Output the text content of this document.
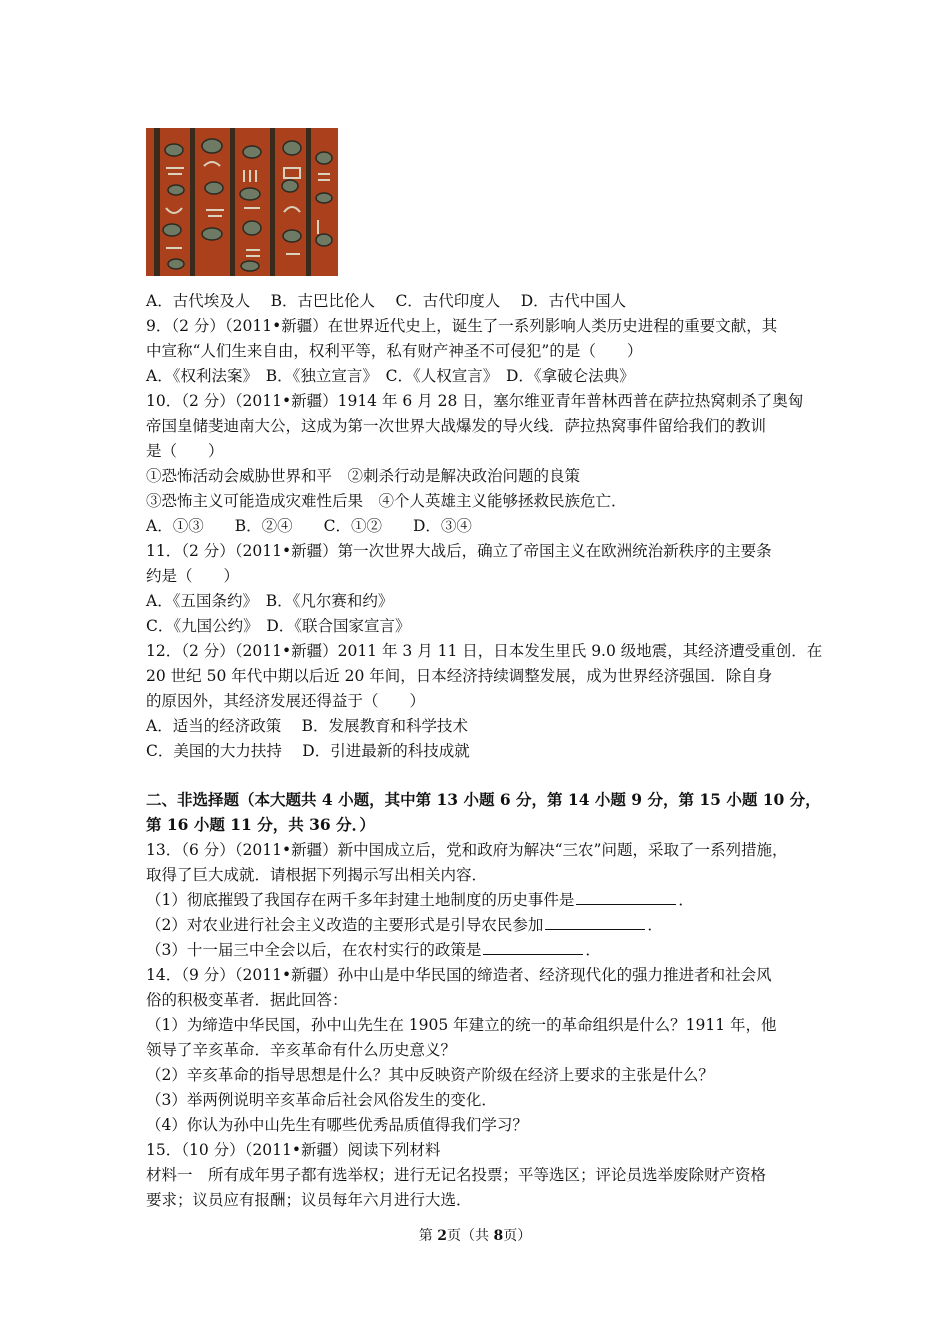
A．古代埃及人　 B．古巴比伦人　 C．古代印度人　 D．古代中国人
9．（2 分）（2011•新疆）在世界近代史上，诞生了一系列影响人类历史进程的重要文献，其
中宣称“人们生来自由，权利平等，私有财产神圣不可侵犯”的是（　　）
A．《权利法案》　B．《独立宣言》　C．《人权宣言》　D．《拿破仑法典》
10．（2 分）（2011•新疆）1914 年 6 月 28 日，塞尔维亚青年普林西普在萨拉热窝刺杀了奥匈
帝国皇储斐迪南大公，这成为第一次世界大战爆发的导火线．萨拉热窝事件留给我们的教训
是（　　）
①恐怖活动会威胁世界和平　②刺杀行动是解决政治问题的良策
③恐怖主义可能造成灾难性后果　④个人英雄主义能够拯救民族危亡．
A．①③　　B．②④　　C．①②　　D．③④
11．（2 分）（2011•新疆）第一次世界大战后，确立了帝国主义在欧洲统治新秩序的主要条
约是（　　）
A．《五国条约》　B．《凡尔赛和约》
C．《九国公约》　D．《联合国家宣言》
12．（2 分）（2011•新疆）2011 年 3 月 11 日，日本发生里氏 9.0 级地震，其经济遭受重创．在
20 世纪 50 年代中期以后近 20 年间，日本经济持续调整发展，成为世界经济强国．除自身
的原因外，其经济发展还得益于（　　）
A．适当的经济政策　 B．发展教育和科学技术
C．美国的大力扶持　 D．引进最新的科技成就
二、非选择题（本大题共 4 小题，其中第 13 小题 6 分，第 14 小题 9 分，第 15 小题 10 分，
第 16 小题 11 分，共 36 分．）
13．（6 分）（2011•新疆）新中国成立后，党和政府为解决“三农”问题，采取了一系列措施，
取得了巨大成就．请根据下列揭示写出相关内容．
（1）彻底摧毁了我国存在两千多年封建土地制度的历史事件是	．
（2）对农业进行社会主义改造的主要形式是引导农民参加	．
（3）十一届三中全会以后，在农村实行的政策是	．
14．（9 分）（2011•新疆）孙中山是中华民国的缔造者、经济现代化的强力推进者和社会风
俗的积极变革者．据此回答：
（1）为缔造中华民国，孙中山先生在 1905 年建立的统一的革命组织是什么？1911 年，他
领导了辛亥革命．辛亥革命有什么历史意义？
（2）辛亥革命的指导思想是什么？其中反映资产阶级在经济上要求的主张是什么？
（3）举两例说明辛亥革命后社会风俗发生的变化．
（4）你认为孙中山先生有哪些优秀品质值得我们学习？
15．（10 分）（2011•新疆）阅读下列材料
材料一　所有成年男子都有选举权；进行无记名投票；平等选区；评论员选举废除财产资格
要求；议员应有报酬；议员每年六月进行大选．
第 2页（共 8页）
